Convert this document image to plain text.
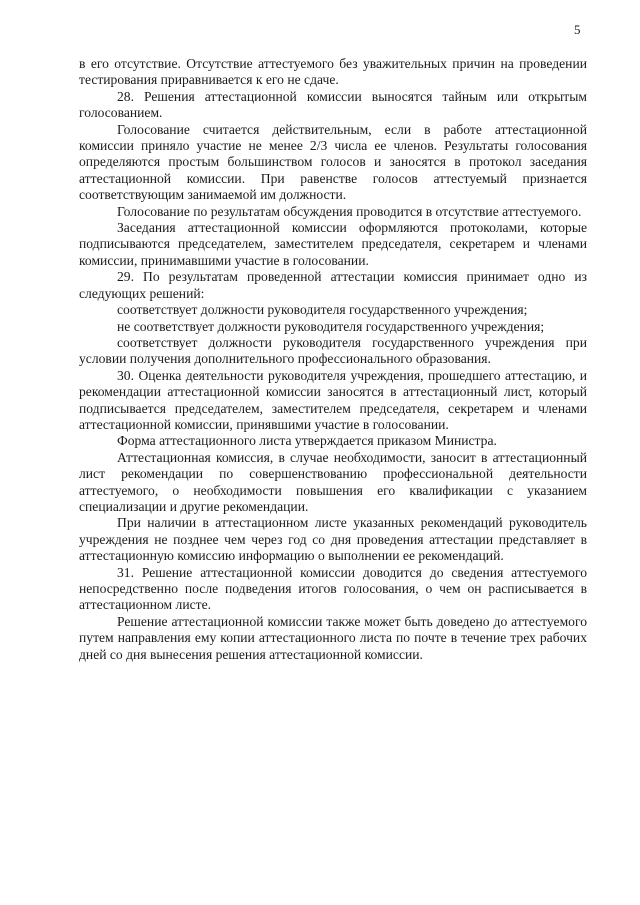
5

в его отсутствие. Отсутствие аттестуемого без уважительных причин на проведении тестирования приравнивается к его не сдаче.

28. Решения аттестационной комиссии выносятся тайным или открытым голосованием.

Голосование считается действительным, если в работе аттестационной комиссии приняло участие не менее 2/3 числа ее членов. Результаты голосования определяются простым большинством голосов и заносятся в протокол заседания аттестационной комиссии. При равенстве голосов аттестуемый признается соответствующим занимаемой им должности.

Голосование по результатам обсуждения проводится в отсутствие аттестуемого.

Заседания аттестационной комиссии оформляются протоколами, которые подписываются председателем, заместителем председателя, секретарем и членами комиссии, принимавшими участие в голосовании.

29. По результатам проведенной аттестации комиссия принимает одно из следующих решений:

соответствует должности руководителя государственного учреждения;

не соответствует должности руководителя государственного учреждения;

соответствует должности руководителя государственного учреждения при условии получения дополнительного профессионального образования.

30. Оценка деятельности руководителя учреждения, прошедшего аттестацию, и рекомендации аттестационной комиссии заносятся в аттестационный лист, который подписывается председателем, заместителем председателя, секретарем и членами аттестационной комиссии, принявшими участие в голосовании.

Форма аттестационного листа утверждается приказом Министра.

Аттестационная комиссия, в случае необходимости, заносит в аттестационный лист рекомендации по совершенствованию профессиональной деятельности аттестуемого, о необходимости повышения его квалификации с указанием специализации и другие рекомендации.

При наличии в аттестационном листе указанных рекомендаций руководитель учреждения не позднее чем через год со дня проведения аттестации представляет в аттестационную комиссию информацию о выполнении ее рекомендаций.

31. Решение аттестационной комиссии доводится до сведения аттестуемого непосредственно после подведения итогов голосования, о чем он расписывается в аттестационном листе.

Решение аттестационной комиссии также может быть доведено до аттестуемого путем направления ему копии аттестационного листа по почте в течение трех рабочих дней со дня вынесения решения аттестационной комиссии.
